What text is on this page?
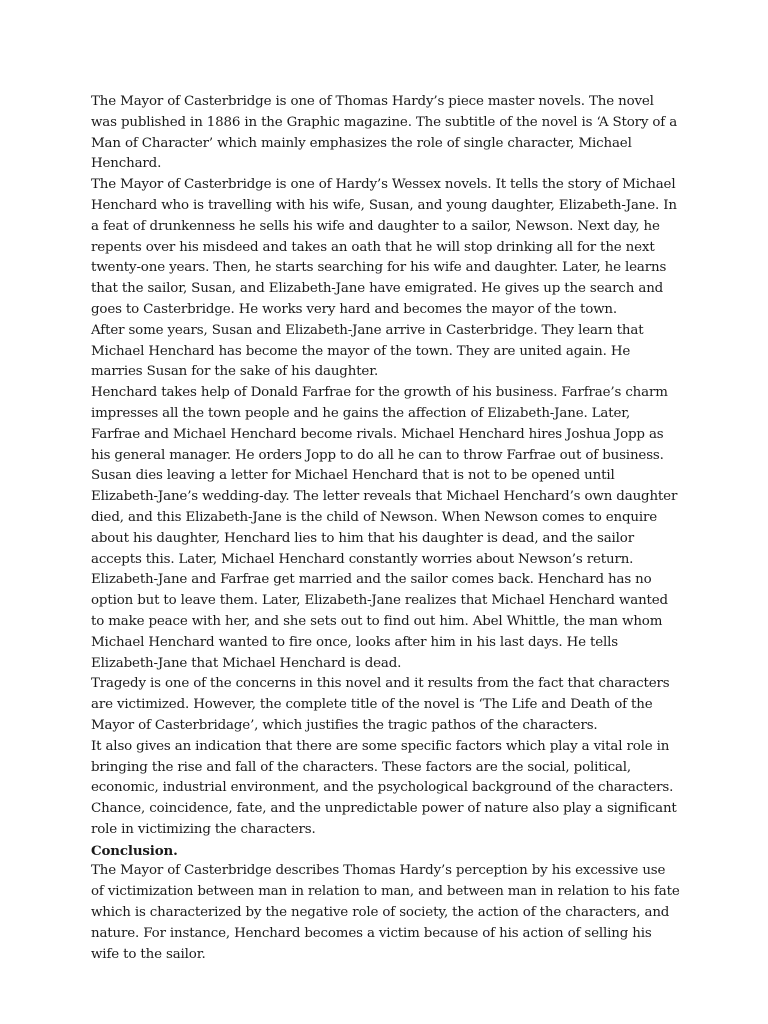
The Mayor of Casterbridge is one of Thomas Hardy’s piece master novels. The novel was published in 1886 in the Graphic magazine. The subtitle of the novel is ‘A Story of a Man of Character’ which mainly emphasizes the role of single character, Michael Henchard.

The Mayor of Casterbridge is one of Hardy’s Wessex novels. It tells the story of Michael Henchard who is travelling with his wife, Susan, and young daughter, Elizabeth-Jane. In a feat of drunkenness he sells his wife and daughter to a sailor, Newson. Next day, he repents over his misdeed and takes an oath that he will stop drinking all for the next twenty-one years. Then, he starts searching for his wife and daughter. Later, he learns that the sailor, Susan, and Elizabeth-Jane have emigrated. He gives up the search and goes to Casterbridge. He works very hard and becomes the mayor of the town.

After some years, Susan and Elizabeth-Jane arrive in Casterbridge. They learn that Michael Henchard has become the mayor of the town. They are united again. He marries Susan for the sake of his daughter.

Henchard takes help of Donald Farfrae for the growth of his business. Farfrae’s charm impresses all the town people and he gains the affection of Elizabeth-Jane. Later, Farfrae and Michael Henchard become rivals. Michael Henchard hires Joshua Jopp as his general manager. He orders Jopp to do all he can to throw Farfrae out of business.

Susan dies leaving a letter for Michael Henchard that is not to be opened until Elizabeth-Jane’s wedding-day. The letter reveals that Michael Henchard’s own daughter died, and this Elizabeth-Jane is the child of Newson. When Newson comes to enquire about his daughter, Henchard lies to him that his daughter is dead, and the sailor accepts this. Later, Michael Henchard constantly worries about Newson’s return. Elizabeth-Jane and Farfrae get married and the sailor comes back. Henchard has no option but to leave them. Later, Elizabeth-Jane realizes that Michael Henchard wanted to make peace with her, and she sets out to find out him. Abel Whittle, the man whom Michael Henchard wanted to fire once, looks after him in his last days. He tells Elizabeth-Jane that Michael Henchard is dead.

Tragedy is one of the concerns in this novel and it results from the fact that characters are victimized. However, the complete title of the novel is ‘The Life and Death of the Mayor of Casterbridage’, which justifies the tragic pathos of the characters.

It also gives an indication that there are some specific factors which play a vital role in bringing the rise and fall of the characters. These factors are the social, political, economic, industrial environment, and the psychological background of the characters. Chance, coincidence, fate, and the unpredictable power of nature also play a significant role in victimizing the characters.

Conclusion.

The Mayor of Casterbridge describes Thomas Hardy’s perception by his excessive use of victimization between man in relation to man, and between man in relation to his fate which is characterized by the negative role of society, the action of the characters, and nature. For instance, Henchard becomes a victim because of his action of selling his wife to the sailor.
